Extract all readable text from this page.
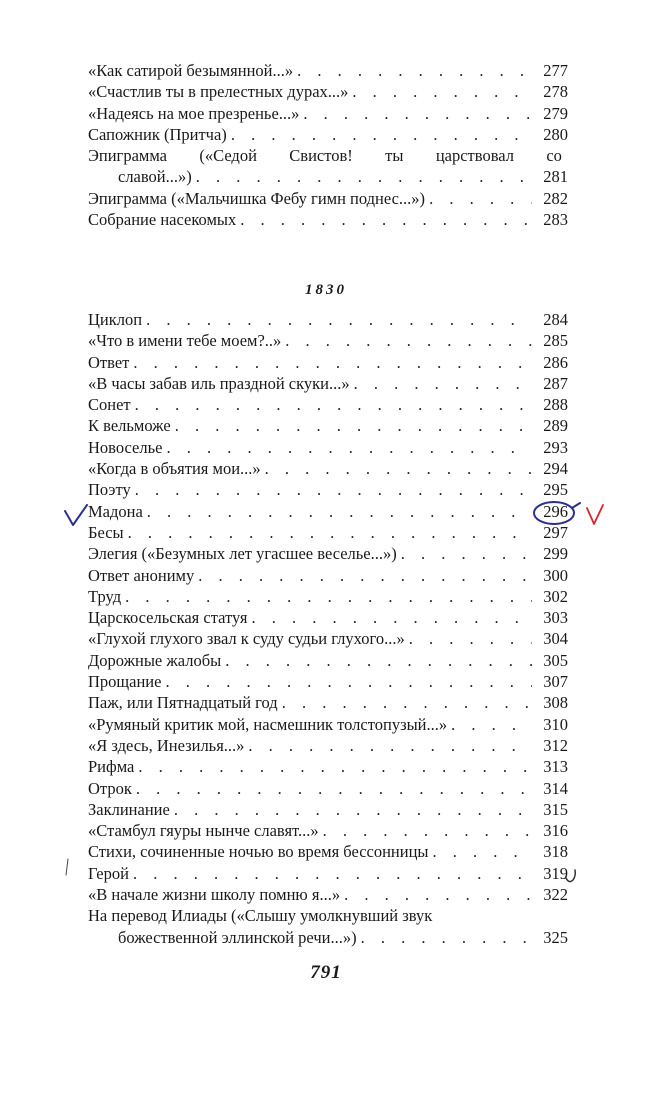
«Как сатирой безымянной...» . . .	277
«Счастлив ты в прелестных дурах...» . . .	278
«Надеясь на мое презренье...» . . .	279
Сапожник (Притча) . . .	280
Эпиграмма («Седой Свистов! ты царствовал со
славой...») . . .	281
Эпиграмма («Мальчишка Фебу гимн поднес...») . . .	282
Собрание насекомых . . .	283
1830
Циклоп . . .	284
«Что в имени тебе моем?..» . . .	285
Ответ . . .	286
«В часы забав иль праздной скуки...» . . .	287
Сонет . . .	288
К вельможе . . .	289
Новоселье . . .	293
«Когда в объятия мои...» . . .	294
Поэту . . .	295
Мадона . . .	296
Бесы . . .	297
Элегия («Безумных лет угасшее веселье...») . . .	299
Ответ анониму . . .	300
Труд . . .	302
Царскосельская статуя . . .	303
«Глухой глухого звал к суду судьи глухого...» . . .	304
Дорожные жалобы . . .	305
Прощание . . .	307
Паж, или Пятнадцатый год . . .	308
«Румяный критик мой, насмешник толстопузый...» . . .	310
«Я здесь, Инезилья...» . . .	312
Рифма . . .	313
Отрок . . .	314
Заклинание . . .	315
«Стамбул гяуры нынче славят...» . . .	316
Стихи, сочиненные ночью во время бессонницы . . .	318
Герой . . .	319
«В начале жизни школу помню я...» . . .	322
На перевод Илиады («Слышу умолкнувший звук
божественной эллинской речи...») . . .	325
791
